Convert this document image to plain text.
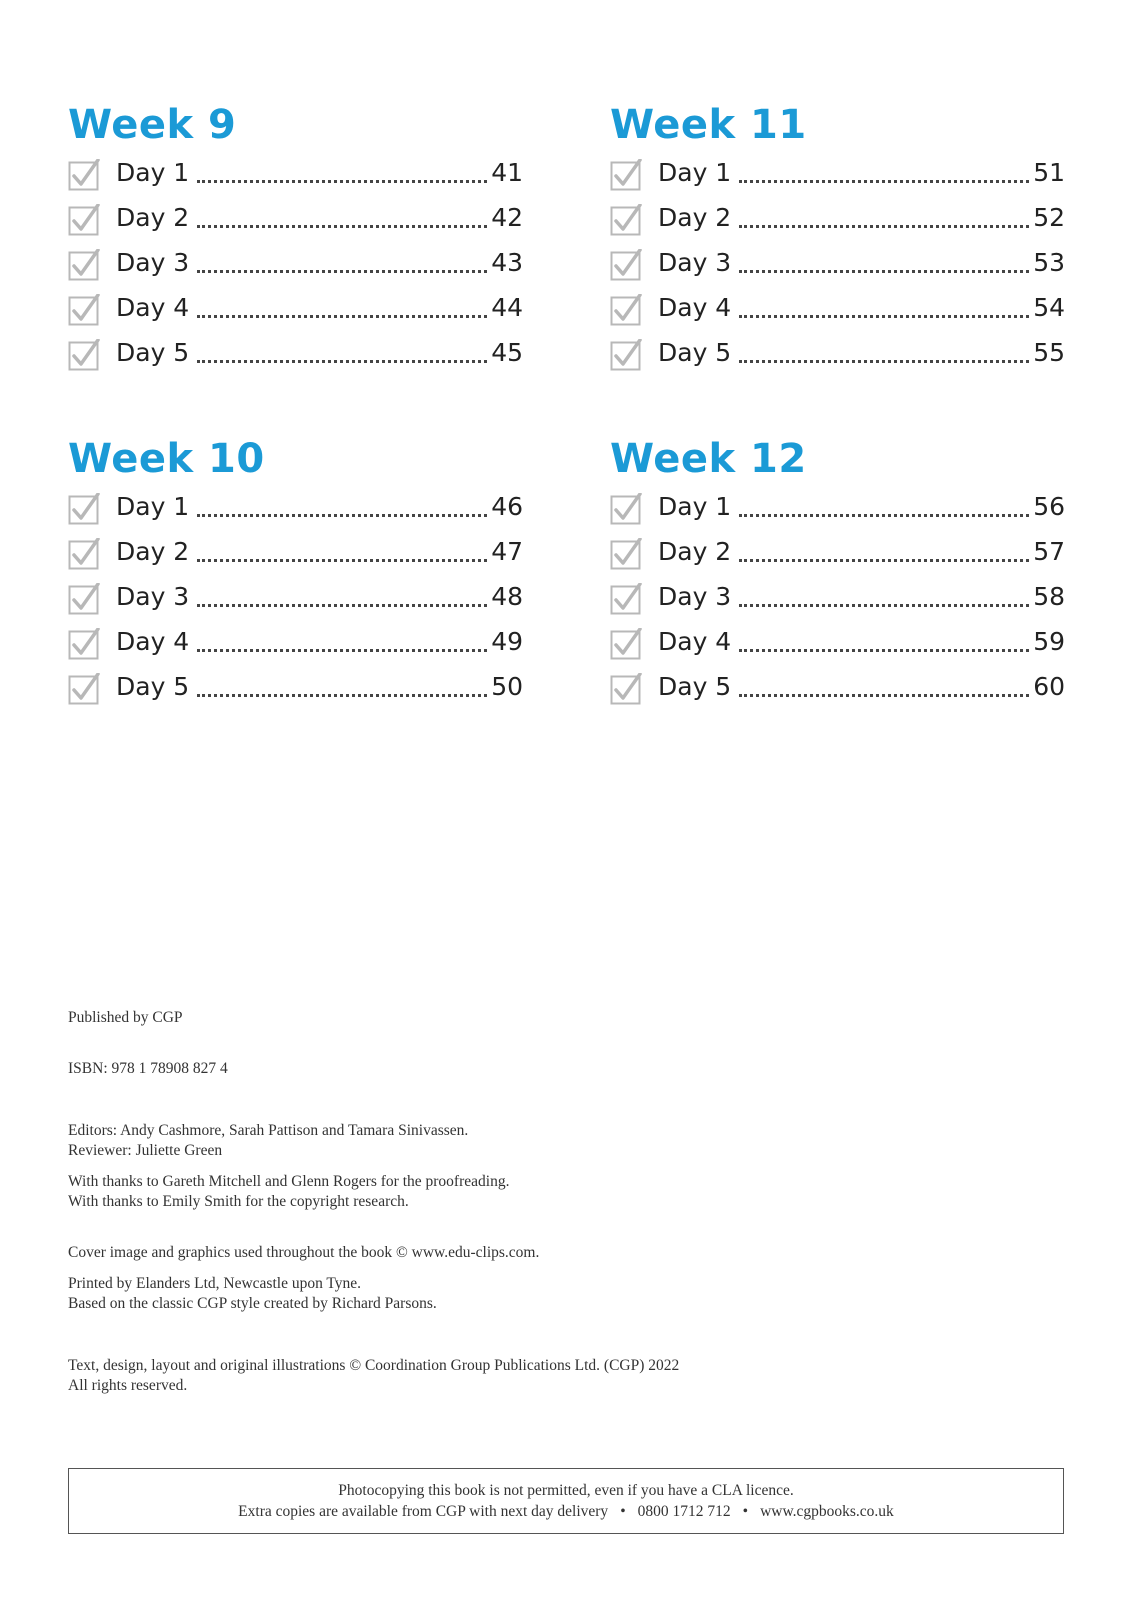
Week 9
Day 1	41
Day 2	42
Day 3	43
Day 4	44
Day 5	45
Week 11
Day 1	51
Day 2	52
Day 3	53
Day 4	54
Day 5	55
Week 10
Day 1	46
Day 2	47
Day 3	48
Day 4	49
Day 5	50
Week 12
Day 1	56
Day 2	57
Day 3	58
Day 4	59
Day 5	60
Published by CGP
ISBN: 978 1 78908 827 4
Editors: Andy Cashmore, Sarah Pattison and Tamara Sinivassen.
Reviewer: Juliette Green
With thanks to Gareth Mitchell and Glenn Rogers for the proofreading.
With thanks to Emily Smith for the copyright research.
Cover image and graphics used throughout the book © www.edu-clips.com.
Printed by Elanders Ltd, Newcastle upon Tyne.
Based on the classic CGP style created by Richard Parsons.
Text, design, layout and original illustrations © Coordination Group Publications Ltd. (CGP) 2022
All rights reserved.
Photocopying this book is not permitted, even if you have a CLA licence.
Extra copies are available from CGP with next day delivery • 0800 1712 712 • www.cgpbooks.co.uk
